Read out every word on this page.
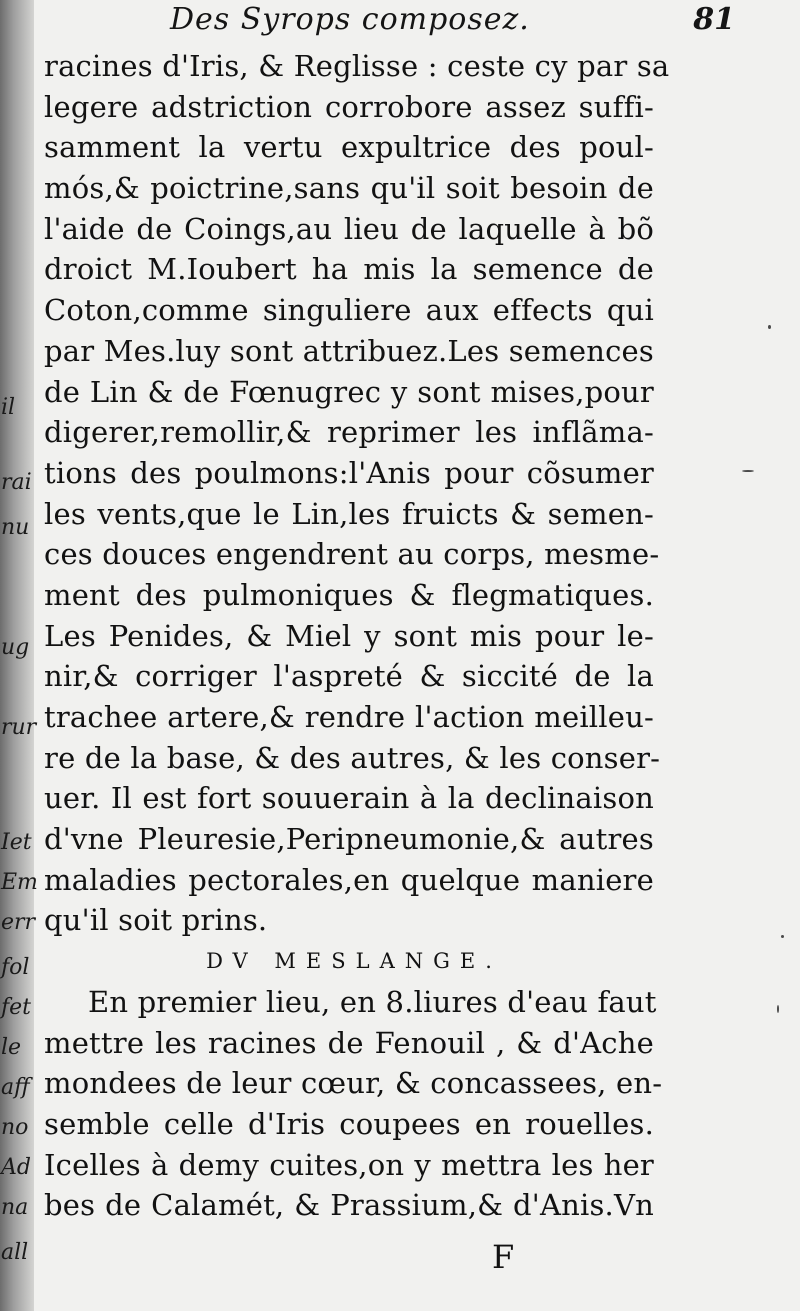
il
rai
nu
ug
rur
Iet
Em
err
fol
fet
le
aff
no
Ad
na
all
Des Syrops composez.	81
racines d'Iris, & Reglisse : ceste cy par sa
legere adstriction corrobore assez suffi-
samment la vertu expultrice des poul-
mós,& poictrine,sans qu'il soit besoin de
l'aide de Coings,au lieu de laquelle à bõ
droict M.Ioubert ha mis la semence de
Coton,comme singuliere aux effects qui
par Mes.luy sont attribuez.Les semences
de Lin & de Fœnugrec y sont mises,pour
digerer,remollir,& reprimer les inflãma-
tions des poulmons:l'Anis pour cõsumer
les vents,que le Lin,les fruicts & semen-
ces douces engendrent au corps, mesme-
ment des pulmoniques & flegmatiques.
Les Penides, & Miel y sont mis pour le-
nir,& corriger l'aspreté & siccité de la
trachee artere,& rendre l'action meilleu-
re de la base, & des autres, & les conser-
uer. Il est fort souuerain à la declinaison
d'vne Pleuresie,Peripneumonie,& autres
maladies pectorales,en quelque maniere
qu'il soit prins.
DV MESLANGE.
En premier lieu, en 8.liures d'eau faut
mettre les racines de Fenouil , & d'Ache
mondees de leur cœur, & concassees, en-
semble celle d'Iris coupees en rouelles.
Icelles à demy cuites,on y mettra les her
bes de Calamét, & Prassium,& d'Anis.Vn
F
